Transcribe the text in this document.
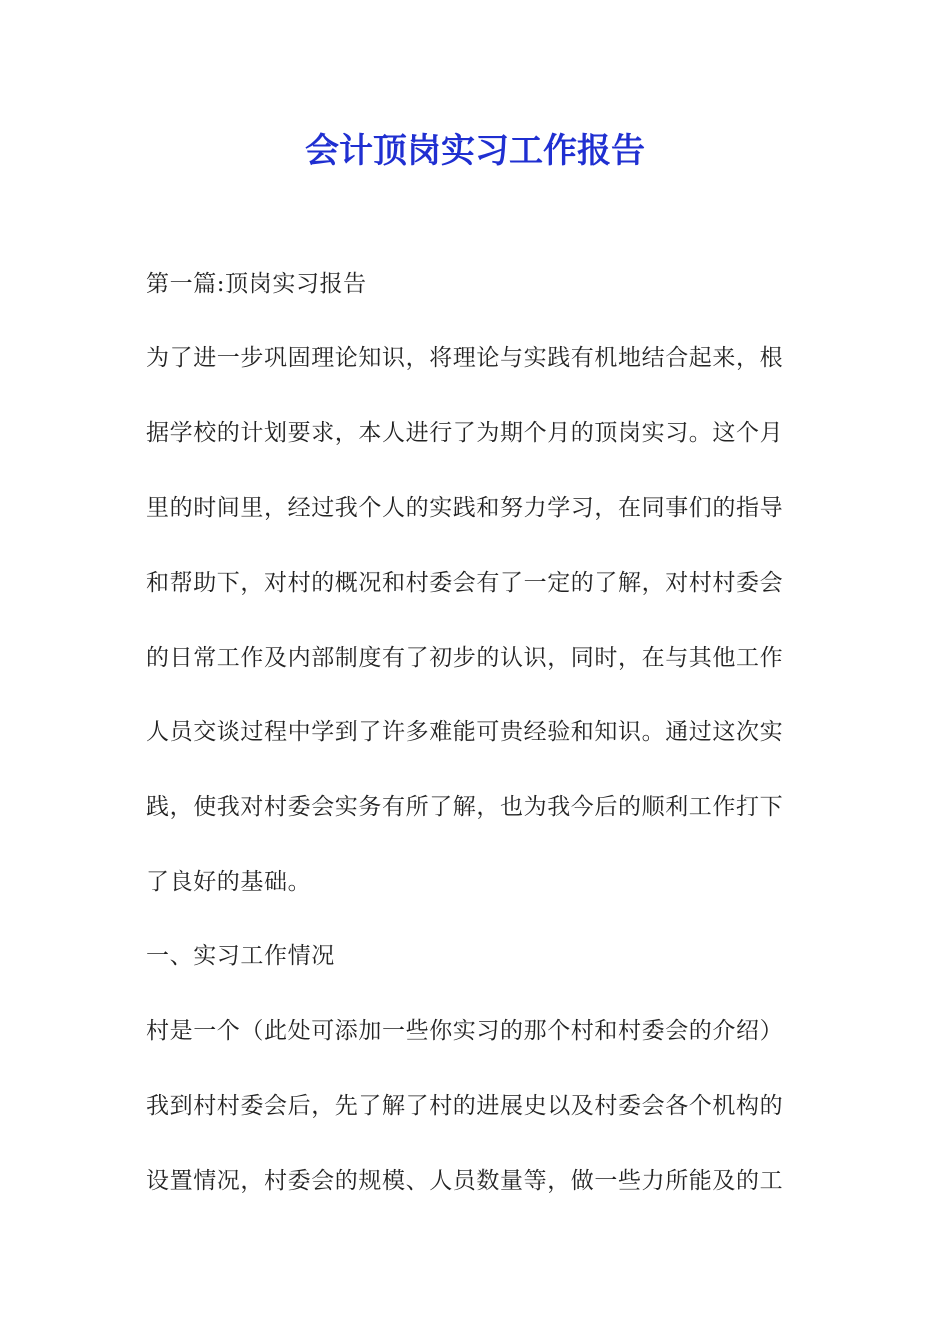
会计顶岗实习工作报告

第一篇:顶岗实习报告

为了进一步巩固理论知识，将理论与实践有机地结合起来，根

据学校的计划要求，本人进行了为期个月的顶岗实习。这个月

里的时间里，经过我个人的实践和努力学习，在同事们的指导

和帮助下，对村的概况和村委会有了一定的了解，对村村委会

的日常工作及内部制度有了初步的认识，同时，在与其他工作

人员交谈过程中学到了许多难能可贵经验和知识。通过这次实

践，使我对村委会实务有所了解，也为我今后的顺利工作打下

了良好的基础。

一、实习工作情况

村是一个（此处可添加一些你实习的那个村和村委会的介绍）

我到村村委会后，先了解了村的进展史以及村委会各个机构的

设置情况，村委会的规模、人员数量等，做一些力所能及的工
